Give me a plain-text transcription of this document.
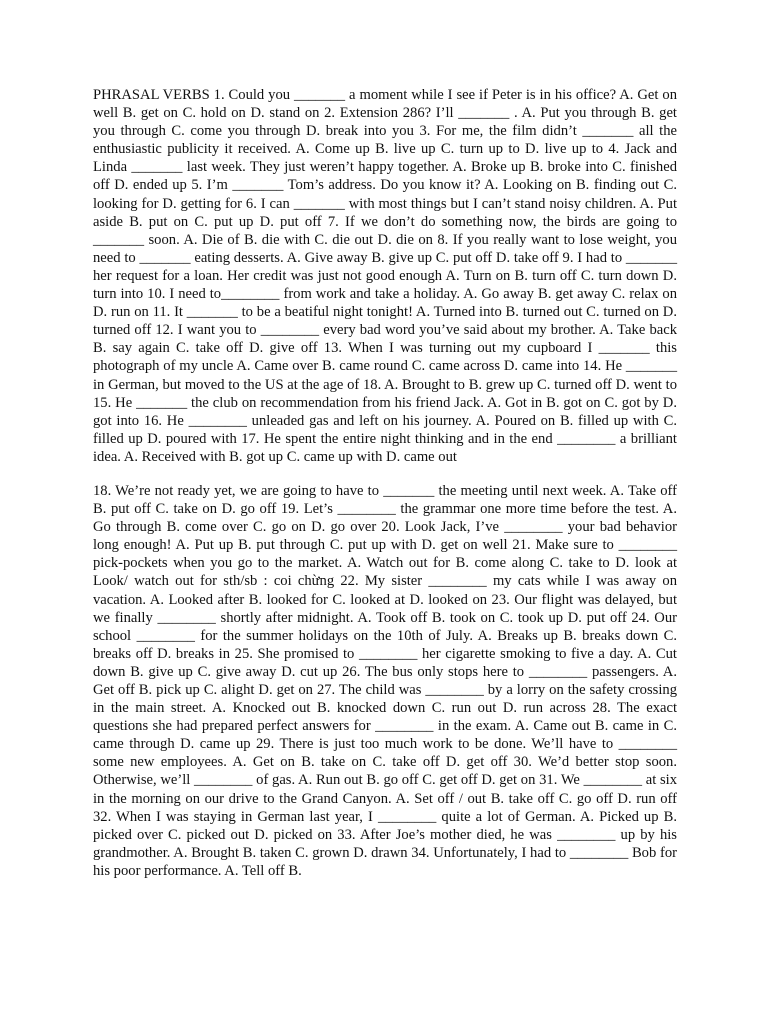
PHRASAL VERBS 1. Could you _______ a moment while I see if Peter is in his office? A. Get on well B. get on C. hold on D. stand on 2. Extension 286? I’ll _______ . A. Put you through B. get you through C. come you through D. break into you 3. For me, the film didn’t _______ all the enthusiastic publicity it received. A. Come up B. live up C. turn up to D. live up to 4. Jack and Linda _______ last week. They just weren’t happy together. A. Broke up B. broke into C. finished off D. ended up 5. I’m _______ Tom’s address. Do you know it? A. Looking on B. finding out C. looking for D. getting for 6. I can _______ with most things but I can’t stand noisy children. A. Put aside B. put on C. put up D. put off 7. If we don’t do something now, the birds are going to _______ soon. A. Die of B. die with C. die out D. die on 8. If you really want to lose weight, you need to _______ eating desserts. A. Give away B. give up C. put off D. take off 9. I had to _______ her request for a loan. Her credit was just not good enough A. Turn on B. turn off C. turn down D. turn into 10. I need to________ from work and take a holiday. A. Go away B. get away C. relax on D. run on 11. It _______ to be a beatiful night tonight! A. Turned into B. turned out C. turned on D. turned off 12. I want you to ________ every bad word you’ve said about my brother. A. Take back B. say again C. take off D. give off 13. When I was turning out my cupboard I _______ this photograph of my uncle A. Came over B. came round C. came across D. came into 14. He _______ in German, but moved to the US at the age of 18. A. Brought to B. grew up C. turned off D. went to 15. He _______ the club on recommendation from his friend Jack. A. Got in B. got on C. got by D. got into 16. He ________ unleaded gas and left on his journey. A. Poured on B. filled up with C. filled up D. poured with 17. He spent the entire night thinking and in the end ________ a brilliant idea. A. Received with B. got up C. came up with D. came out

18. We’re not ready yet, we are going to have to _______ the meeting until next week. A. Take off B. put off C. take on D. go off 19. Let’s ________ the grammar one more time before the test. A. Go through B. come over C. go on D. go over 20. Look Jack, I’ve ________ your bad behavior long enough! A. Put up B. put through C. put up with D. get on well 21. Make sure to ________ pick-pockets when you go to the market. A. Watch out for B. come along C. take to D. look at Look/ watch out for sth/sb : coi chừng 22. My sister ________ my cats while I was away on vacation. A. Looked after B. looked for C. looked at D. looked on 23. Our flight was delayed, but we finally ________ shortly after midnight. A. Took off B. took on C. took up D. put off 24. Our school ________ for the summer holidays on the 10th of July. A. Breaks up B. breaks down C. breaks off D. breaks in 25. She promised to ________ her cigarette smoking to five a day. A. Cut down B. give up C. give away D. cut up 26. The bus only stops here to ________ passengers. A. Get off B. pick up C. alight D. get on 27. The child was ________ by a lorry on the safety crossing in the main street. A. Knocked out B. knocked down C. run out D. run across 28. The exact questions she had prepared perfect answers for ________ in the exam. A. Came out B. came in C. came through D. came up 29. There is just too much work to be done. We’ll have to ________ some new employees. A. Get on B. take on C. take off D. get off 30. We’d better stop soon. Otherwise, we’ll ________ of gas. A. Run out B. go off C. get off D. get on 31. We ________ at six in the morning on our drive to the Grand Canyon. A. Set off / out B. take off C. go off D. run off 32. When I was staying in German last year, I ________ quite a lot of German. A. Picked up B. picked over C. picked out D. picked on 33. After Joe’s mother died, he was ________ up by his grandmother. A. Brought B. taken C. grown D. drawn 34. Unfortunately, I had to ________ Bob for his poor performance. A. Tell off B.
